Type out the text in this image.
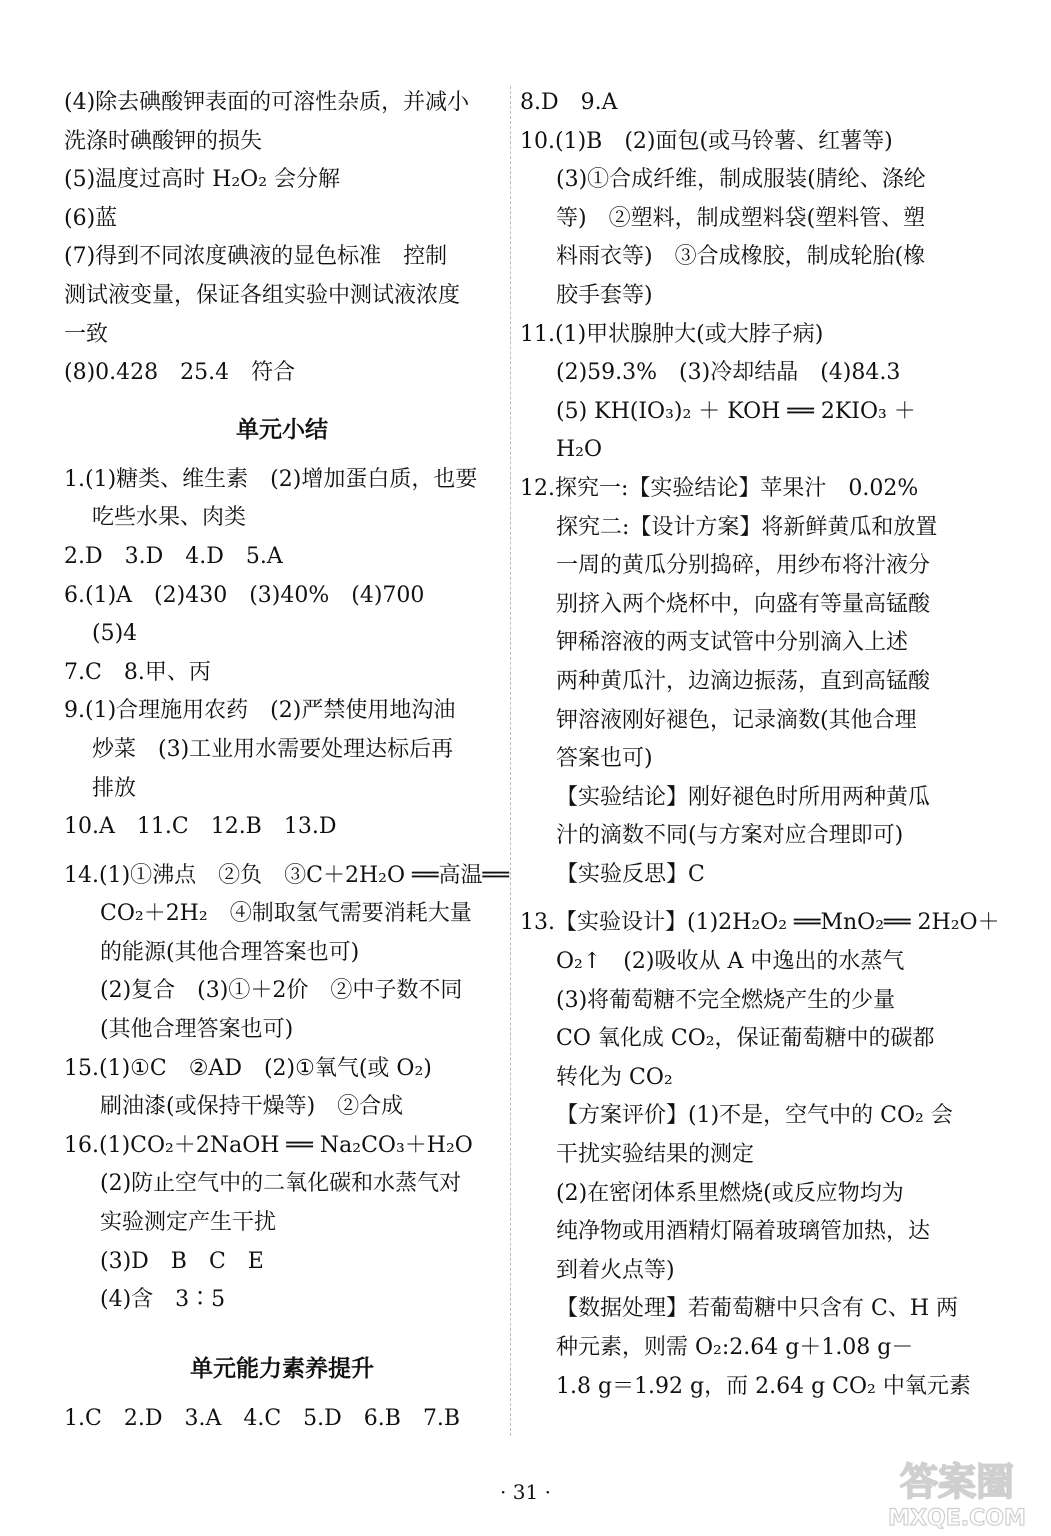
(4)除去碘酸钾表面的可溶性杂质，并减小
洗涤时碘酸钾的损失
(5)温度过高时 H₂O₂ 会分解
(6)蓝
(7)得到不同浓度碘液的显色标准　控制
测试液变量，保证各组实验中测试液浓度
一致
(8)0.428　25.4　符合
单元小结
1.(1)糖类、维生素　(2)增加蛋白质，也要
吃些水果、肉类
2.D　3.D　4.D　5.A
6.(1)A　(2)430　(3)40%　(4)700
(5)4
7.C　8.甲、丙
9.(1)合理施用农药　(2)严禁使用地沟油
炒菜　(3)工业用水需要处理达标后再
排放
10.A　11.C　12.B　13.D
14.(1)①沸点　②负　③C＋2H₂O ══高温══
CO₂＋2H₂　④制取氢气需要消耗大量
的能源(其他合理答案也可)
(2)复合　(3)①＋2价　②中子数不同
(其他合理答案也可)
15.(1)①C　②AD　(2)①氧气(或 O₂)
刷油漆(或保持干燥等)　②合成
16.(1)CO₂＋2NaOH ══ Na₂CO₃＋H₂O
(2)防止空气中的二氧化碳和水蒸气对
实验测定产生干扰
(3)D　B　C　E
(4)含　3∶5
单元能力素养提升
1.C　2.D　3.A　4.C　5.D　6.B　7.B
8.D　9.A
10.(1)B　(2)面包(或马铃薯、红薯等)
(3)①合成纤维，制成服装(腈纶、涤纶
等)　②塑料，制成塑料袋(塑料管、塑
料雨衣等)　③合成橡胶，制成轮胎(橡
胶手套等)
11.(1)甲状腺肿大(或大脖子病)
(2)59.3%　(3)冷却结晶　(4)84.3
(5) KH(IO₃)₂ ＋ KOH ══ 2KIO₃ ＋
H₂O
12.探究一:【实验结论】苹果汁　0.02%
探究二:【设计方案】将新鲜黄瓜和放置
一周的黄瓜分别捣碎，用纱布将汁液分
别挤入两个烧杯中，向盛有等量高锰酸
钾稀溶液的两支试管中分别滴入上述
两种黄瓜汁，边滴边振荡，直到高锰酸
钾溶液刚好褪色，记录滴数(其他合理
答案也可)
【实验结论】刚好褪色时所用两种黄瓜
汁的滴数不同(与方案对应合理即可)
【实验反思】C
13.【实验设计】(1)2H₂O₂ ══MnO₂══ 2H₂O＋
O₂↑　(2)吸收从 A 中逸出的水蒸气
(3)将葡萄糖不完全燃烧产生的少量
CO 氧化成 CO₂，保证葡萄糖中的碳都
转化为 CO₂
【方案评价】(1)不是，空气中的 CO₂ 会
干扰实验结果的测定
(2)在密闭体系里燃烧(或反应物均为
纯净物或用酒精灯隔着玻璃管加热，达
到着火点等)
【数据处理】若葡萄糖中只含有 C、H 两
种元素，则需 O₂:2.64 g＋1.08 g－
1.8 g＝1.92 g，而 2.64 g CO₂ 中氧元素
· 31 ·	答案圈
MXQE.COM
